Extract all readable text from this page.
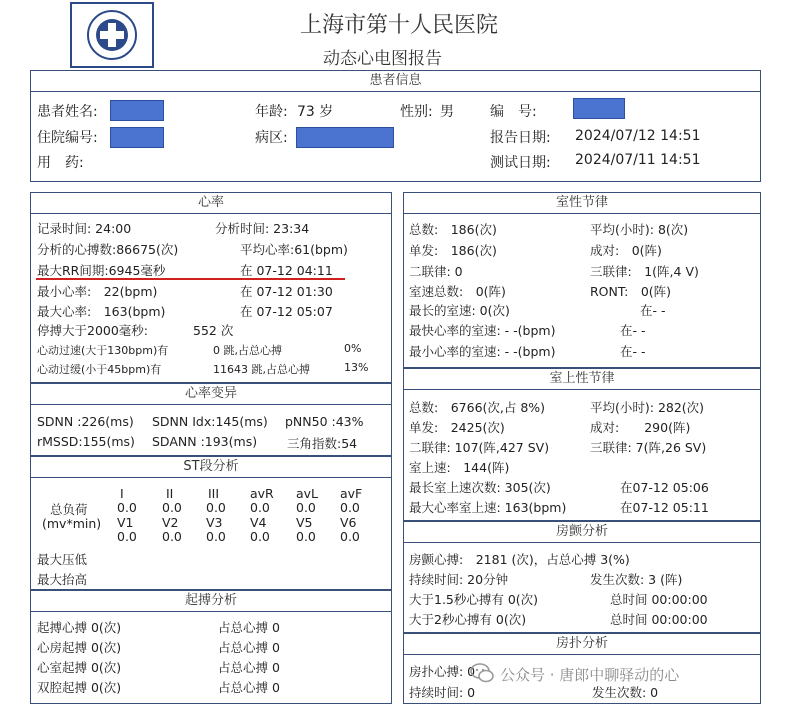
上海市第十人民医院
动态心电图报告
患者信息
患者姓名:	年龄: 73 岁	性别: 男	编　号:
住院编号:	病区:	报告日期: 2024/07/12 14:51
用　药:	测试日期: 2024/07/11 14:51
心率
心率变异
ST段分析
起搏分析
记录时间: 24:00	分析时间: 23:34
分析的心搏数:86675(次)	平均心率:61(bpm)
最大RR间期:6945毫秒	在 07-12 04:11
最小心率:　22(bpm)	在 07-12 01:30
最大心率:　163(bpm)	在 07-12 05:07
停搏大于2000毫秒:	552 次
心动过速(大于130bpm)有	0 跳,占总心搏	0%
心动过缓(小于45bpm)有	11643 跳,占总心搏	13%
SDNN :226(ms) SDNN Idx:145(ms) pNN50 :43%
rMSSD:155(ms) SDANN :193(ms) 三角指数:54
总负荷
(mv*min)
I	II	III avR avL avF
0.0 0.0 0.0 0.0 0.0 0.0
V1 V2 V3 V4 V5 V6
0.0 0.0 0.0 0.0 0.0 0.0
最大压低
最大抬高
起搏心搏 0(次)	占总心搏 0
心房起搏 0(次)	占总心搏 0
心室起搏 0(次)	占总心搏 0
双腔起搏 0(次)	占总心搏 0
室性节律
室上性节律
房颤分析
房扑分析
总数:　186(次)	平均(小时): 8(次)
单发:　186(次)	成对:　0(阵)
二联律: 0	三联律:　1(阵,4 V)
室速总数:　0(阵)	RONT:　0(阵)
最长的室速: 0(次)	在- -
最快心率的室速: - -(bpm)	在- -
最小心率的室速: - -(bpm)	在- -
总数:　6766(次,占 8%)	平均(小时): 282(次)
单发:　2425(次)	成对:　　290(阵)
二联律: 107(阵,427 SV)	三联律: 7(阵,26 SV)
室上速:　144(阵)
最长室上速次数: 305(次)	在07-12 05:06
最大心率室上速: 163(bpm)	在07-12 05:11
房颤心搏:　2181 (次)，占总心搏 3(%)
持续时间: 20分钟	发生次数: 3 (阵)
大于1.5秒心搏有 0(次)	总时间 00:00:00
大于2秒心搏有 0(次)	总时间 00:00:00
房扑心搏: 0
持续时间: 0	发生次数: 0
公众号 · 唐郎中聊驿动的心
